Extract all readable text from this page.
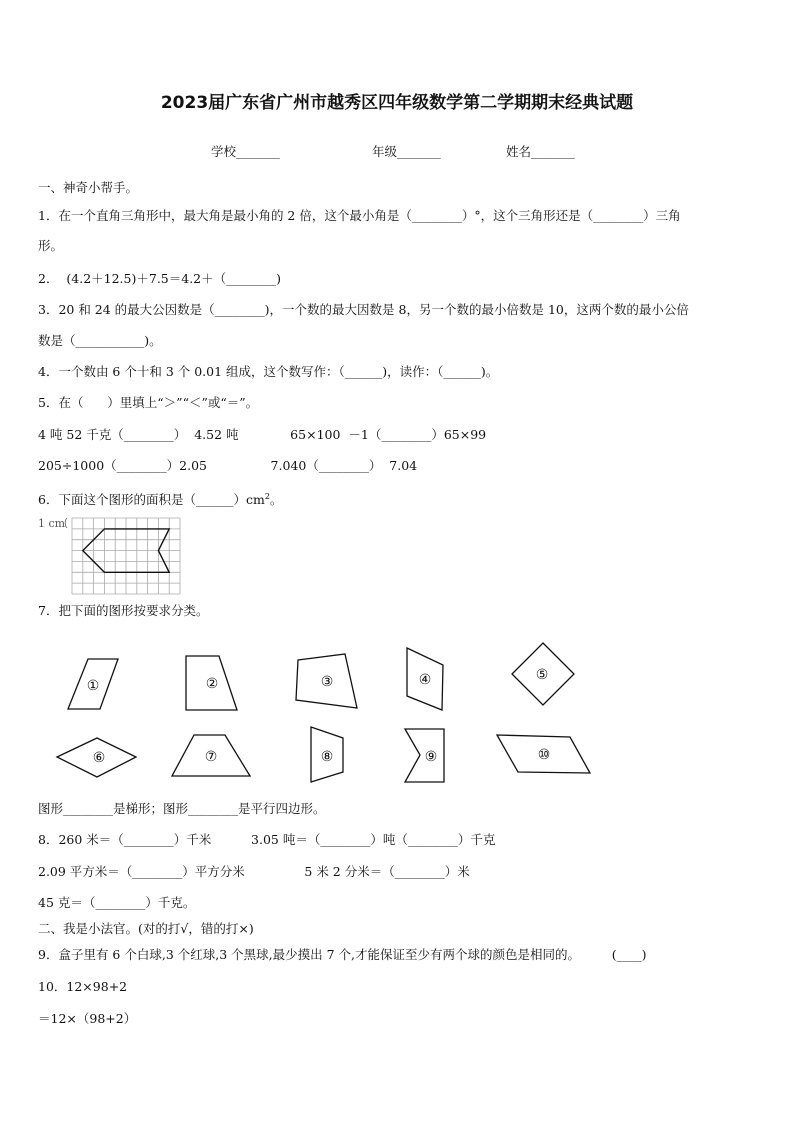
2023届广东省广州市越秀区四年级数学第二学期期末经典试题
学校_______	年级_______	姓名_______
一、神奇小帮手。
1．在一个直角三角形中，最大角是最小角的 2 倍，这个最小角是（________）°，这个三角形还是（________）三角
形。
2．  (4.2＋12.5)＋7.5＝4.2＋（________)
3．20 和 24 的最大公因数是（________)，一个数的最大因数是 8，另一个数的最小倍数是 10，这两个数的最小公倍
数是（___________)。
4．一个数由 6 个十和 3 个 0.01 组成，这个数写作：（______)，读作：（______)。
5．在（      ）里填上“＞”“＜”或“＝”。
4 吨 52 千克（________）  4.52 吨             65×100  －1（________）65×99
205÷1000（________）2.05                7.040（________）  7.04
6．下面这个图形的面积是$(\_\_\_\_\_\_)cm^2$。
1 cm
7．把下面的图形按要求分类。
①	②	③	④	⑤
⑥	⑦	⑧	⑨	⑩
图形________是梯形；图形________是平行四边形。
8．260 米＝（________）千米          3.05 吨＝（________）吨（________）千克
2.09 平方米＝（________）平方分米               5 米 2 分米＝（________）米
45 克＝（________）千克。
二、我是小法官。(对的打√，错的打×)
9．盒子里有 6 个白球,3 个红球,3 个黑球,最少摸出 7 个,才能保证至少有两个球的颜色是相同的。        (____)
10．12×98+2
＝12×（98+2）
